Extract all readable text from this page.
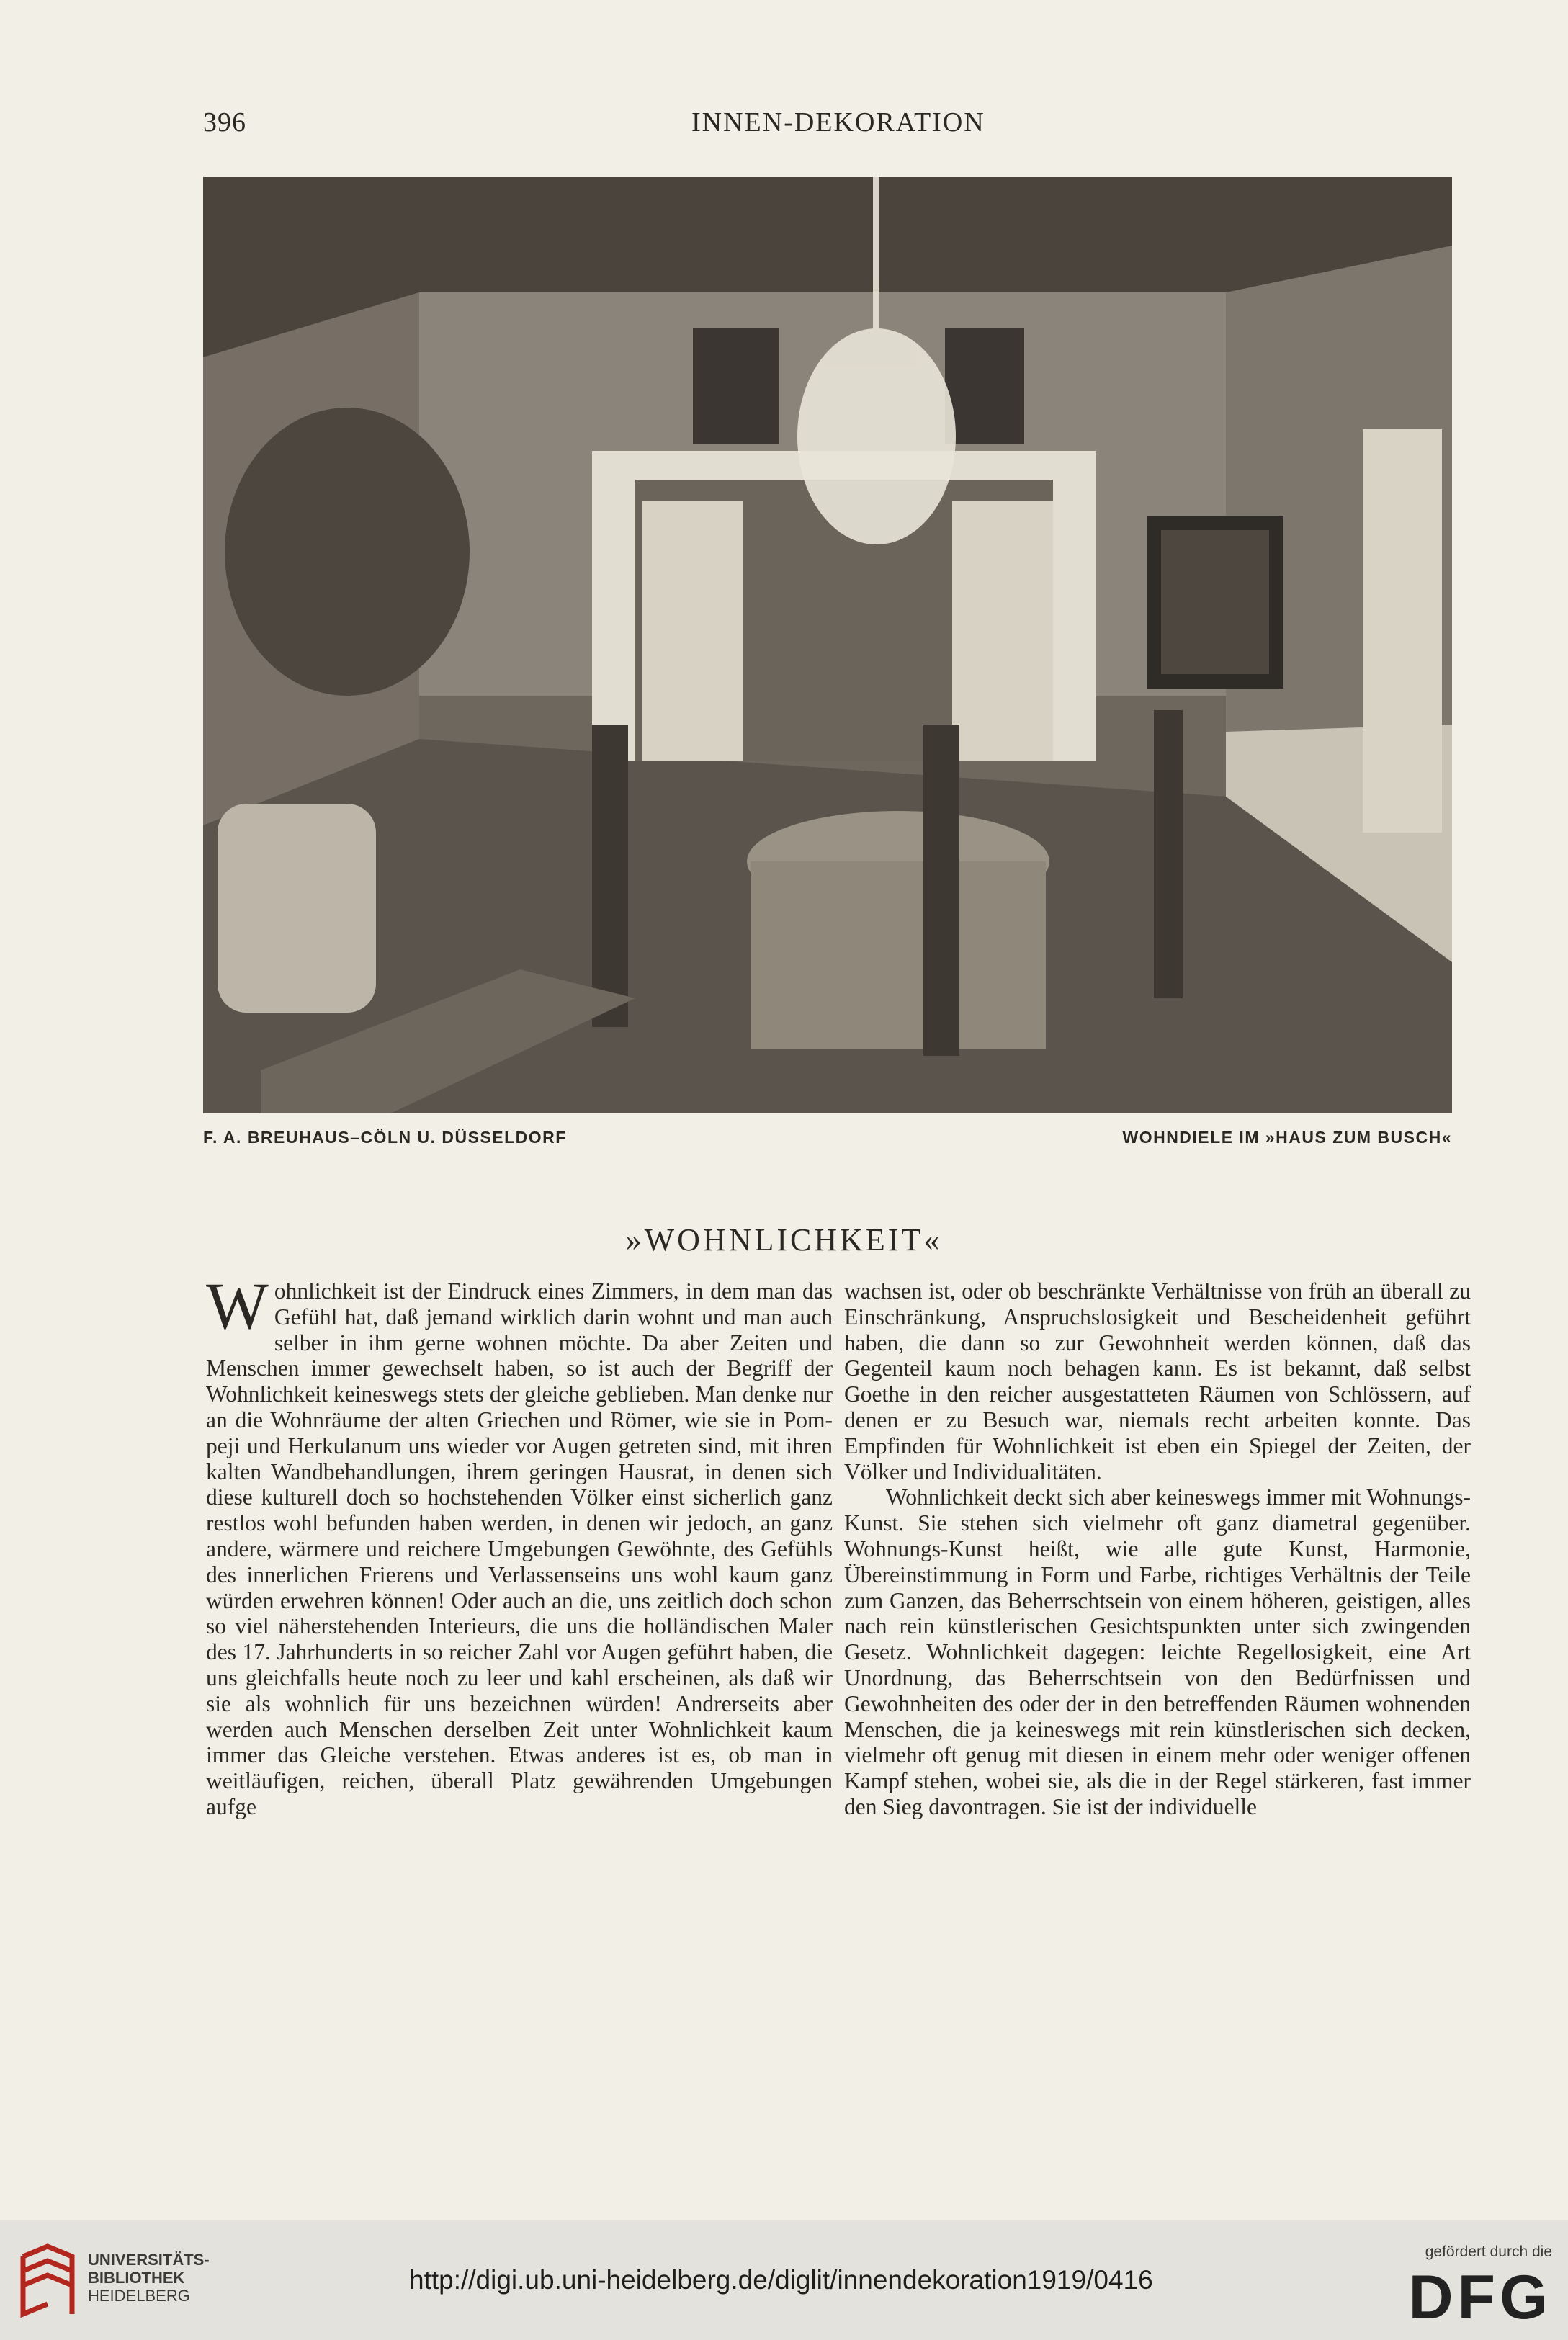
396	INNEN-DEKORATION
F. A. BREUHAUS–CÖLN U. DÜSSELDORF	WOHNDIELE IM »HAUS ZUM BUSCH«
»WOHNLICHKEIT«

Wohnlichkeit ist der Eindruck eines Zimmers, in dem man das Gefühl hat, daß jemand wirklich darin wohnt und man auch selber in ihm gerne wohnen möchte. Da aber Zeiten und Menschen immer gewechselt haben, so ist auch der Begriff der Wohnlichkeit keineswegs stets der gleiche geblieben. Man denke nur an die Wohnräume der alten Griechen und Römer, wie sie in Pompeji und Herkulanum uns wieder vor Augen getreten sind, mit ihren kalten Wandbehandlungen, ihrem geringen Hausrat, in denen sich diese kulturell doch so hochstehenden Völker einst sicherlich ganz restlos wohl befunden haben werden, in denen wir jedoch, an ganz andere, wärmere und reichere Umgebungen Gewöhnte, des Gefühls des innerlichen Frierens und Verlassenseins uns wohl kaum ganz würden erwehren können! Oder auch an die, uns zeitlich doch schon so viel näherstehenden Interieurs, die uns die holländischen Maler des 17. Jahrhunderts in so reicher Zahl vor Augen geführt haben, die uns gleichfalls heute noch zu leer und kahl erscheinen, als daß wir sie als wohnlich für uns bezeichnen würden! Andrerseits aber werden auch Menschen derselben Zeit unter Wohnlichkeit kaum immer das Gleiche verstehen. Etwas anderes ist es, ob man in weitläufigen, reichen, überall Platz gewährenden Umgebungen aufge

wachsen ist, oder ob beschränkte Verhältnisse von früh an überall zu Einschränkung, Anspruchslosigkeit und Bescheidenheit geführt haben, die dann so zur Gewohnheit werden können, daß das Gegenteil kaum noch behagen kann. Es ist bekannt, daß selbst Goethe in den reicher ausgestatteten Räumen von Schlössern, auf denen er zu Besuch war, niemals recht arbeiten konnte. Das Empfinden für Wohnlichkeit ist eben ein Spiegel der Zeiten, der Völker und Individualitäten.

Wohnlichkeit deckt sich aber keineswegs immer mit Wohnungs-Kunst. Sie stehen sich vielmehr oft ganz diametral gegenüber. Wohnungs-Kunst heißt, wie alle gute Kunst, Harmonie, Übereinstimmung in Form und Farbe, richtiges Verhältnis der Teile zum Ganzen, das Beherrschtsein von einem höheren, geistigen, alles nach rein künstlerischen Gesichtspunkten unter sich zwingenden Gesetz. Wohnlichkeit dagegen: leichte Regellosigkeit, eine Art Unordnung, das Beherrschtsein von den Bedürfnissen und Gewohnheiten des oder der in den betreffenden Räumen wohnenden Menschen, die ja keineswegs mit rein künstlerischen sich decken, vielmehr oft genug mit diesen in einem mehr oder weniger offenen Kampf stehen, wobei sie, als die in der Regel stärkeren, fast immer den Sieg davontragen. Sie ist der individuelle

UNIVERSITÄTS-
BIBLIOTHEK
HEIDELBERG
http://digi.ub.uni-heidelberg.de/diglit/innendekoration1919/0416
gefördert durch die
DFG
